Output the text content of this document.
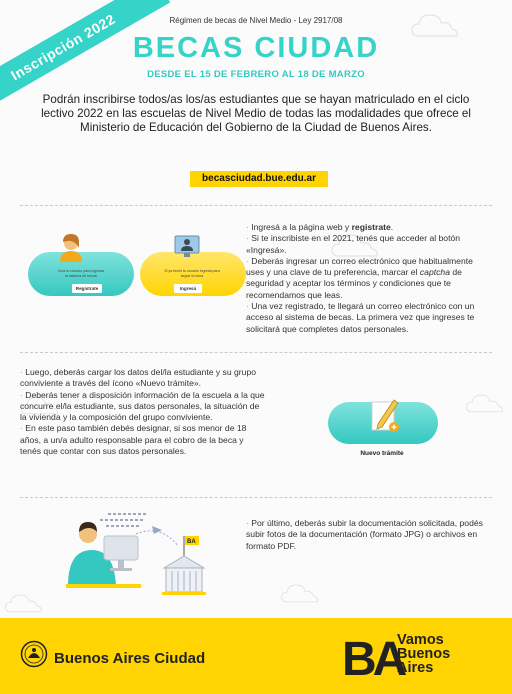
Inscripción 2022	Régimen de becas de Nivel Medio - Ley 2917/08
BECAS CIUDAD
DESDE EL 15 DE FEBRERO AL 18 DE MARZO
Podrán inscribirse todos/as los/as estudiantes que se hayan matriculado en el ciclo lectivo 2022 en las escuelas de Nivel Medio de todas las modalidades que ofrece el Ministerio de Educación del Gobierno de la Ciudad de Buenos Aires.
becasciudad.bue.edu.ar
Crea tu usuario para ingresar al sistema de becas
Registrate
Si ya tenés tu usuario ingresá para seguir tu beca
Ingresá

· Ingresá a la página web y registrate.

· Si te inscribiste en el 2021, tenés que acceder al botón «Ingresá».

· Deberás ingresar un correo electrónico que habitualmente uses y una clave de tu preferencia, marcar el captcha de seguridad y aceptar los términos y condiciones que te recomendamos que leas.

· Una vez registrado, te llegará un correo electrónico con un acceso al sistema de becas. La primera vez que ingreses te solicitará que completes datos personales.

· Luego, deberás cargar los datos del/la estudiante y su grupo conviviente a través del ícono «Nuevo trámite».

· Deberás tener a disposición información de la escuela a la que concurre el/la estudiante, sus datos personales, la situación de la vivienda y la composición del grupo conviviente.

· En este paso también debés designar, si sos menor de 18 años, a un/a adulto responsable para el cobro de la beca y tenés que contar con sus datos personales.	Nuevo trámite
BA

· Por último, deberás subir la documentación solicitada, podés subir fotos de la documentación (formato JPG) o archivos en formato PDF.

Buenos Aires Ciudad	BA
Vamos
Buenos
Aires
